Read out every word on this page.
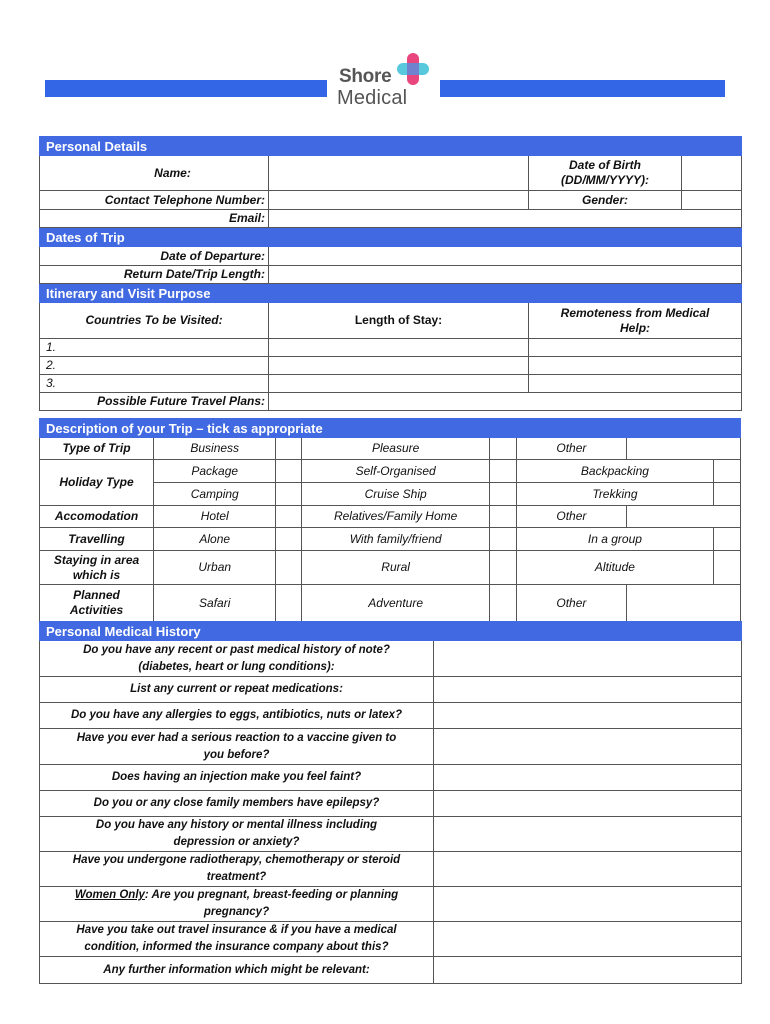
Shore
Medical
Personal Details			
Name:		Date of Birth
(DD/MM/YYYY):	
Contact Telephone Number:		Gender:	
Email:			
Dates of Trip			
Date of Departure:			
Return Date/Trip Length:			
Itinerary and Visit Purpose			
Countries To be Visited:	Length of Stay:	Remoteness from Medical
Help:	
1.			
2.			
3.			
Possible Future Travel Plans:			
Description of your Trip – tick as appropriate							
Type of Trip	Business		Pleasure		Other		
Holiday Type	Package		Self-Organised		Backpacking		
	Camping		Cruise Ship		Trekking		
Accomodation	Hotel		Relatives/Family Home		Other		
Travelling	Alone		With family/friend		In a group		
Staying in area
which is	Urban		Rural		Altitude		
Planned
Activities	Safari		Adventure		Other		
Personal Medical History	
Do you have any recent or past medical history of note?
(diabetes, heart or lung conditions):	
List any current or repeat medications:	
Do you have any allergies to eggs, antibiotics, nuts or latex?	
Have you ever had a serious reaction to a vaccine given to
you before?	
Does having an injection make you feel faint?	
Do you or any close family members have epilepsy?	
Do you have any history or mental illness including
depression or anxiety?	
Have you undergone radiotherapy, chemotherapy or steroid
treatment?	
Women Only: Are you pregnant, breast-feeding or planning
pregnancy?	
Have you take out travel insurance & if you have a medical
condition, informed the insurance company about this?	
Any further information which might be relevant:	
